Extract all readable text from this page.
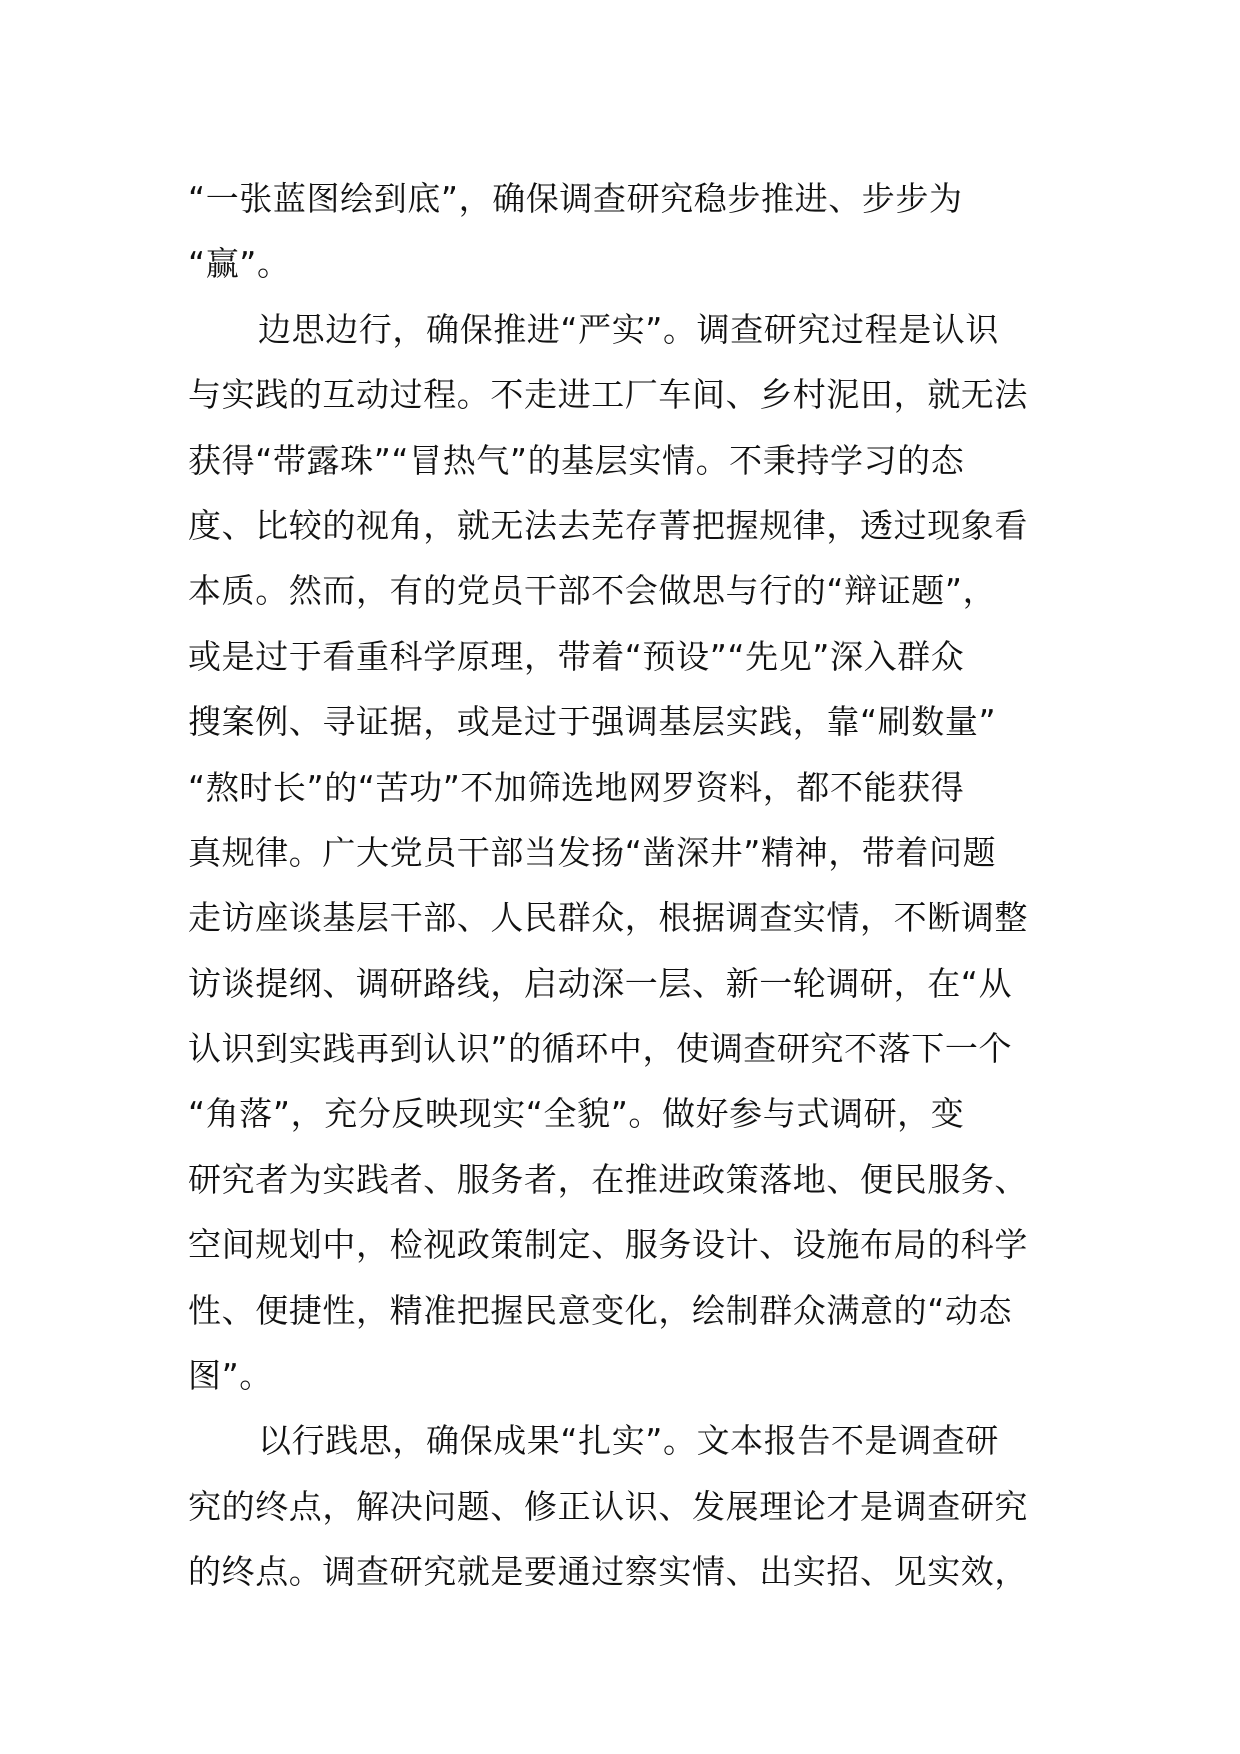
“一张蓝图绘到底”，确保调查研究稳步推进、步步为
“赢”。
边思边行，确保推进“严实”。调查研究过程是认识
与实践的互动过程。不走进工厂车间、乡村泥田，就无法
获得“带露珠”“冒热气”的基层实情。不秉持学习的态
度、比较的视角，就无法去芜存菁把握规律，透过现象看
本质。然而，有的党员干部不会做思与行的“辩证题”，
或是过于看重科学原理，带着“预设”“先见”深入群众
搜案例、寻证据，或是过于强调基层实践，靠“刷数量”
“熬时长”的“苦功”不加筛选地网罗资料，都不能获得
真规律。广大党员干部当发扬“凿深井”精神，带着问题
走访座谈基层干部、人民群众，根据调查实情，不断调整
访谈提纲、调研路线，启动深一层、新一轮调研，在“从
认识到实践再到认识”的循环中，使调查研究不落下一个
“角落”，充分反映现实“全貌”。做好参与式调研，变
研究者为实践者、服务者，在推进政策落地、便民服务、
空间规划中，检视政策制定、服务设计、设施布局的科学
性、便捷性，精准把握民意变化，绘制群众满意的“动态
图”。
以行践思，确保成果“扎实”。文本报告不是调查研
究的终点，解决问题、修正认识、发展理论才是调查研究
的终点。调查研究就是要通过察实情、出实招、见实效，
